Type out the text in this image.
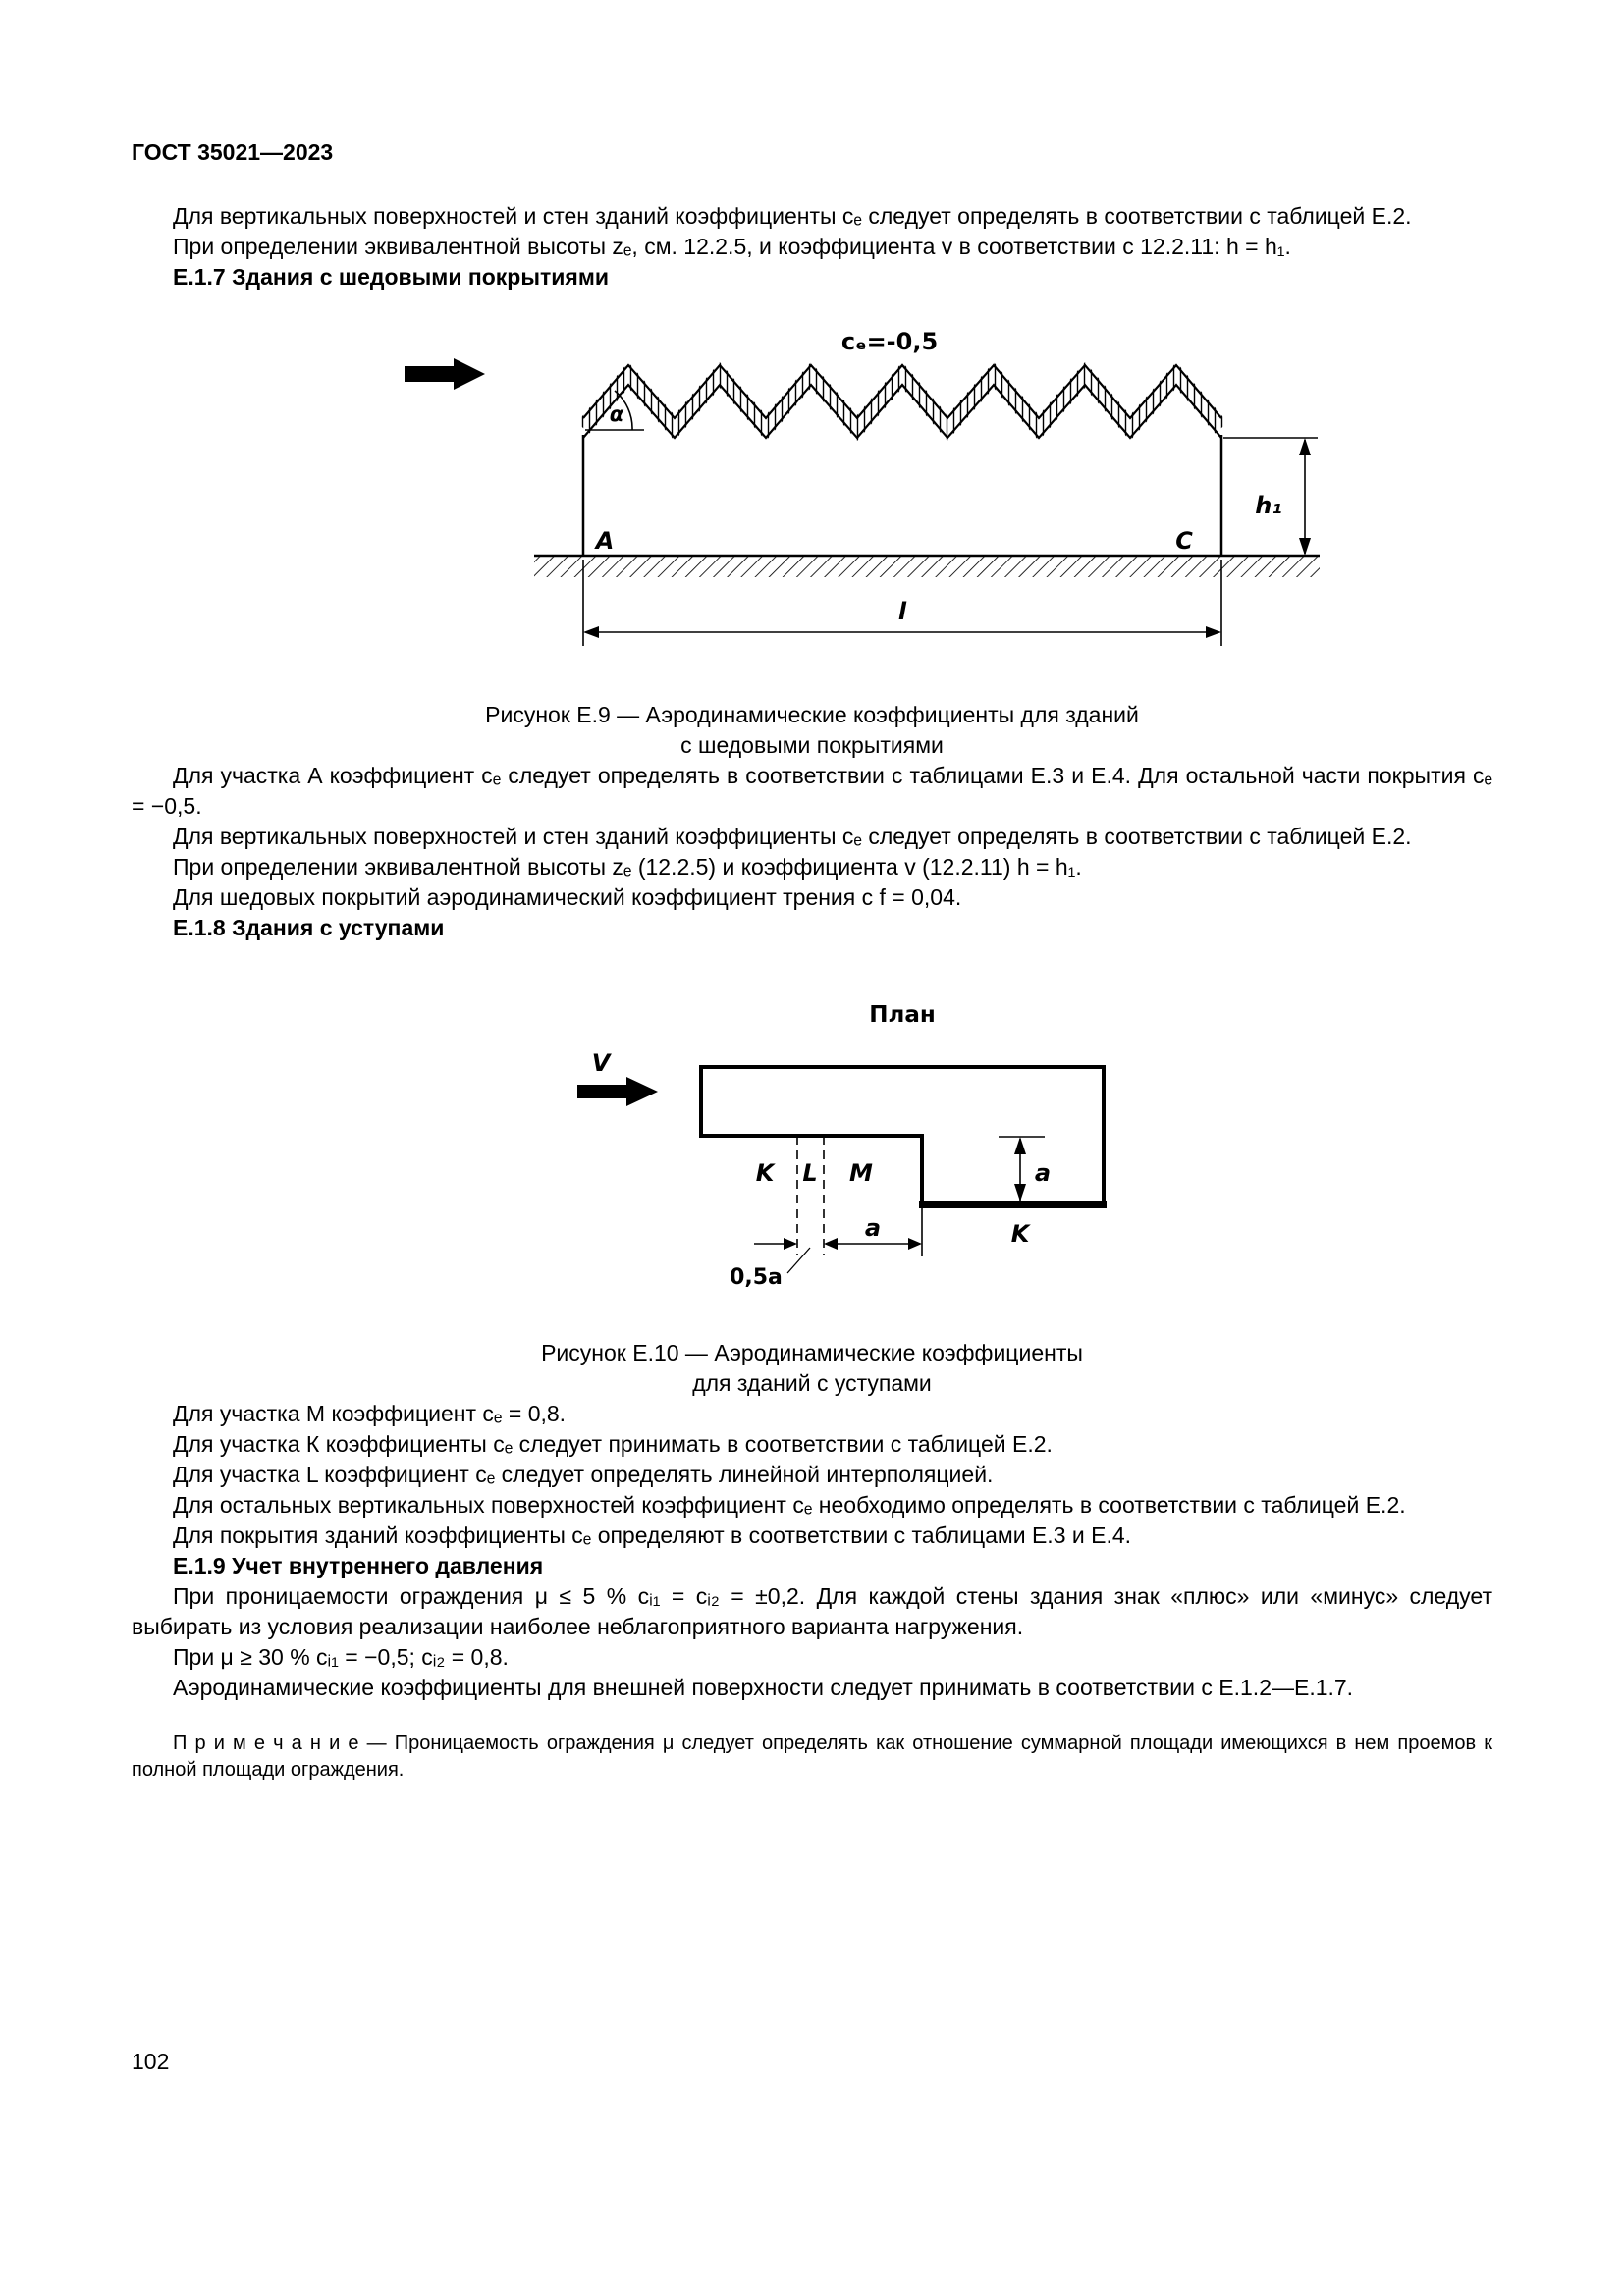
ГОСТ 35021—2023

Для вертикальных поверхностей и стен зданий коэффициенты cₑ следует определять в соответствии с таблицей Е.2.

При определении эквивалентной высоты zₑ, см. 12.2.5, и коэффициента v в соответствии с 12.2.11: h = h₁.

Е.1.7 Здания с шедовыми покрытиями

cₑ=-0,5
α
A	C
h₁
l
Рисунок Е.9 — Аэродинамические коэффициенты для зданий
с шедовыми покрытиями

Для участка А коэффициент cₑ следует определять в соответствии с таблицами Е.3 и Е.4. Для остальной части покрытия cₑ = −0,5.

Для вертикальных поверхностей и стен зданий коэффициенты cₑ следует определять в соответствии с таблицей Е.2.

При определении эквивалентной высоты zₑ (12.2.5) и коэффициента v (12.2.11) h = h₁.

Для шедовых покрытий аэродинамический коэффициент трения c f = 0,04.

Е.1.8 Здания с уступами

План
V
K L M	a
a
0,5a
K
Рисунок Е.10 — Аэродинамические коэффициенты
для зданий с уступами

Для участка М коэффициент cₑ = 0,8.

Для участка К коэффициенты cₑ следует принимать в соответствии с таблицей Е.2.

Для участка L коэффициент cₑ следует определять линейной интерполяцией.

Для остальных вертикальных поверхностей коэффициент cₑ необходимо определять в соответствии с таблицей Е.2.

Для покрытия зданий коэффициенты cₑ определяют в соответствии с таблицами Е.3 и Е.4.

Е.1.9 Учет внутреннего давления

При проницаемости ограждения μ ≤ 5 % cᵢ₁ = cᵢ₂ = ±0,2. Для каждой стены здания знак «плюс» или «минус» следует выбирать из условия реализации наиболее неблагоприятного варианта нагружения.

При μ ≥ 30 % cᵢ₁ = −0,5; cᵢ₂ = 0,8.

Аэродинамические коэффициенты для внешней поверхности следует принимать в соответствии с Е.1.2—Е.1.7.

П р и м е ч а н и е — Проницаемость ограждения μ следует определять как отношение суммарной площади имеющихся в нем проемов к полной площади ограждения.

102
